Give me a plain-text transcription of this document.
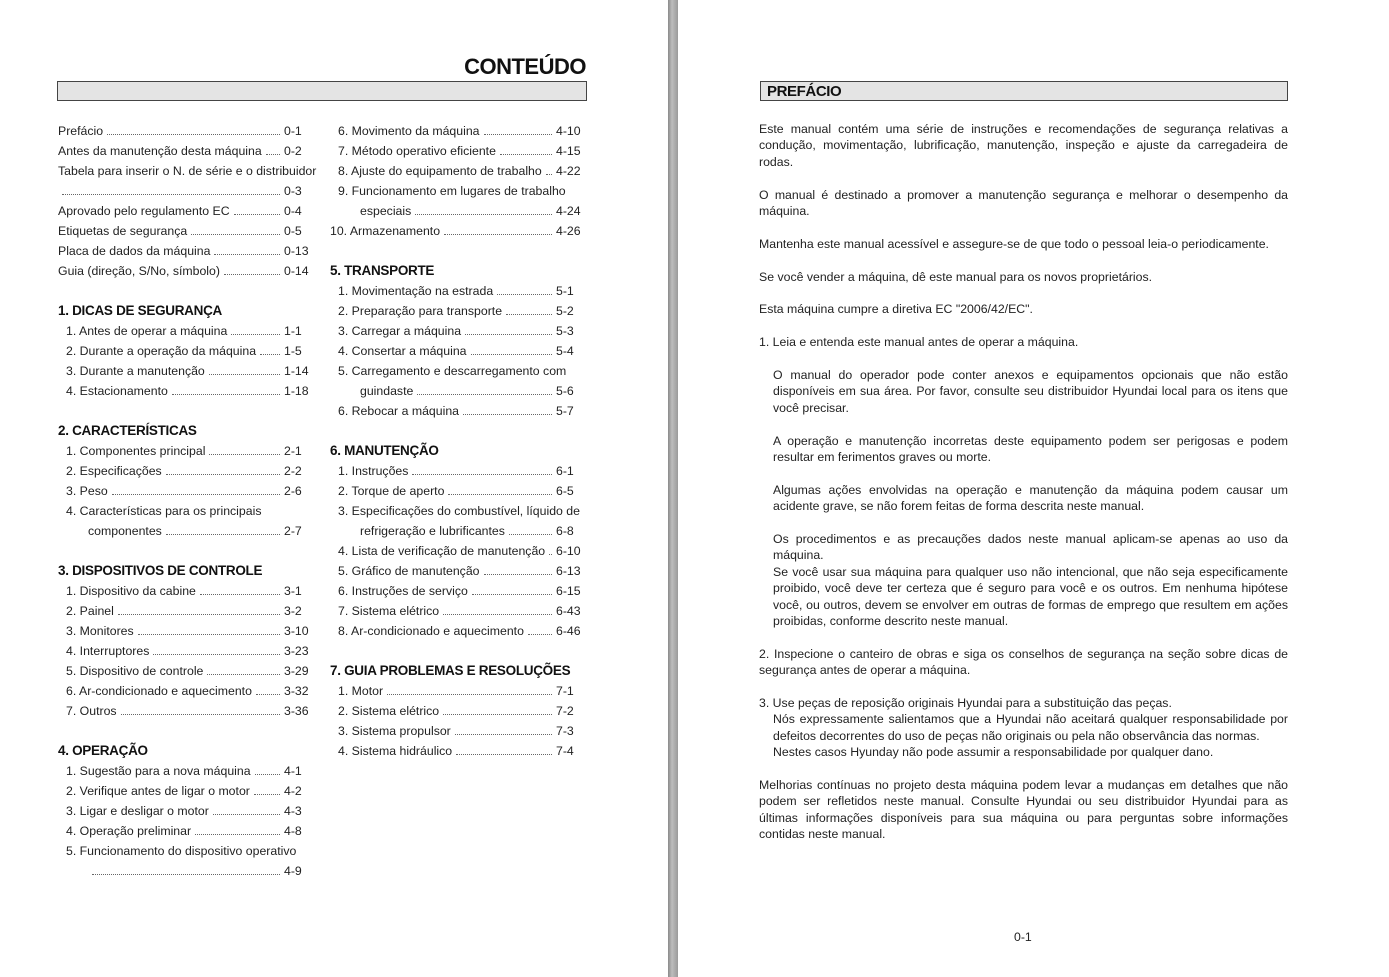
CONTEÚDO
Prefácio	0-1
Antes da manutenção desta máquina 0-2
Tabela para inserir o N. de série e o distribuidor
0-3
Aprovado pelo regulamento EC	0-4
Etiquetas de segurança	0-5
Placa de dados da máquina	0-13
Guia (direção, S/No, símbolo)	0-14
1. DICAS DE SEGURANÇA
1. Antes de operar a máquina	1-1
2. Durante a operação da máquina 1-5
3. Durante a manutenção	1-14
4. Estacionamento	1-18
2. CARACTERÍSTICAS
1. Componentes principal	2-1
2. Especificações	2-2
3. Peso	2-6
4. Características para os principais
componentes	2-7
3. DISPOSITIVOS DE CONTROLE
1. Dispositivo da cabine	3-1
2. Painel	3-2
3. Monitores	3-10
4. Interruptores	3-23
5. Dispositivo de controle	3-29
6. Ar-condicionado e aquecimento	3-32
7. Outros	3-36
4. OPERAÇÃO
1. Sugestão para a nova máquina	4-1
2. Verifique antes de ligar o motor	4-2
3. Ligar e desligar o motor	4-3
4. Operação preliminar	4-8
5. Funcionamento do dispositivo operativo
4-9
6. Movimento da máquina	4-10
7. Método operativo eficiente	4-15
8. Ajuste do equipamento de trabalho 4-22
9. Funcionamento em lugares de trabalho
especiais	4-24
10. Armazenamento	4-26
5. TRANSPORTE
1. Movimentação na estrada	5-1
2. Preparação para transporte	5-2
3. Carregar a máquina	5-3
4. Consertar a máquina	5-4
5. Carregamento e descarregamento com
guindaste	5-6
6. Rebocar a máquina	5-7
6. MANUTENÇÃO
1. Instruções	6-1
2. Torque de aperto	6-5
3. Especificações do combustível, líquido de
refrigeração e lubrificantes	6-8
4. Lista de verificação de manutenção 6-10
5. Gráfico de manutenção	6-13
6. Instruções de serviço	6-15
7. Sistema elétrico	6-43
8. Ar-condicionado e aquecimento	6-46
7. GUIA PROBLEMAS E RESOLUÇÕES
1. Motor	7-1
2. Sistema elétrico	7-2
3. Sistema propulsor	7-3
4. Sistema hidráulico	7-4
PREFÁCIO

Este manual contém uma série de instruções e recomendações de segurança relativas a condução, movimentação, lubrificação, manutenção, inspeção e ajuste da carregadeira de rodas.

O manual é destinado a promover a manutenção segurança e melhorar o desempenho da máquina.

Mantenha este manual acessível e assegure-se de que todo o pessoal leia-o periodicamente.

Se você vender a máquina, dê este manual para os novos proprietários.

Esta máquina cumpre a diretiva EC "2006/42/EC".

1. Leia e entenda este manual antes de operar a máquina.

O manual do operador pode conter anexos e equipamentos opcionais que não estão disponíveis em sua área. Por favor, consulte seu distribuidor Hyundai local para os itens que você precisar.

A operação e manutenção incorretas deste equipamento podem ser perigosas e podem resultar em ferimentos graves ou morte.

Algumas ações envolvidas na operação e manutenção da máquina podem causar um acidente grave, se não forem feitas de forma descrita neste manual.

Os procedimentos e as precauções dados neste manual aplicam-se apenas ao uso da máquina.

Se você usar sua máquina para qualquer uso não intencional, que não seja especificamente proibido, você deve ter certeza que é seguro para você e os outros. Em nenhuma hipótese você, ou outros, devem se envolver em outras de formas de emprego que resultem em ações proibidas, conforme descrito neste manual.

2. Inspecione o canteiro de obras e siga os conselhos de segurança na seção sobre dicas de segurança antes de operar a máquina.

3. Use peças de reposição originais Hyundai para a substituição das peças.

Nós expressamente salientamos que a Hyundai não aceitará qualquer responsabilidade por defeitos decorrentes do uso de peças não originais ou pela não observância das normas.

Nestes casos Hyunday não pode assumir a responsabilidade por qualquer dano.

Melhorias contínuas no projeto desta máquina podem levar a mudanças em detalhes que não podem ser refletidos neste manual. Consulte Hyundai ou seu distribuidor Hyundai para as últimas informações disponíveis para sua máquina ou para perguntas sobre informações contidas neste manual.

0-1
